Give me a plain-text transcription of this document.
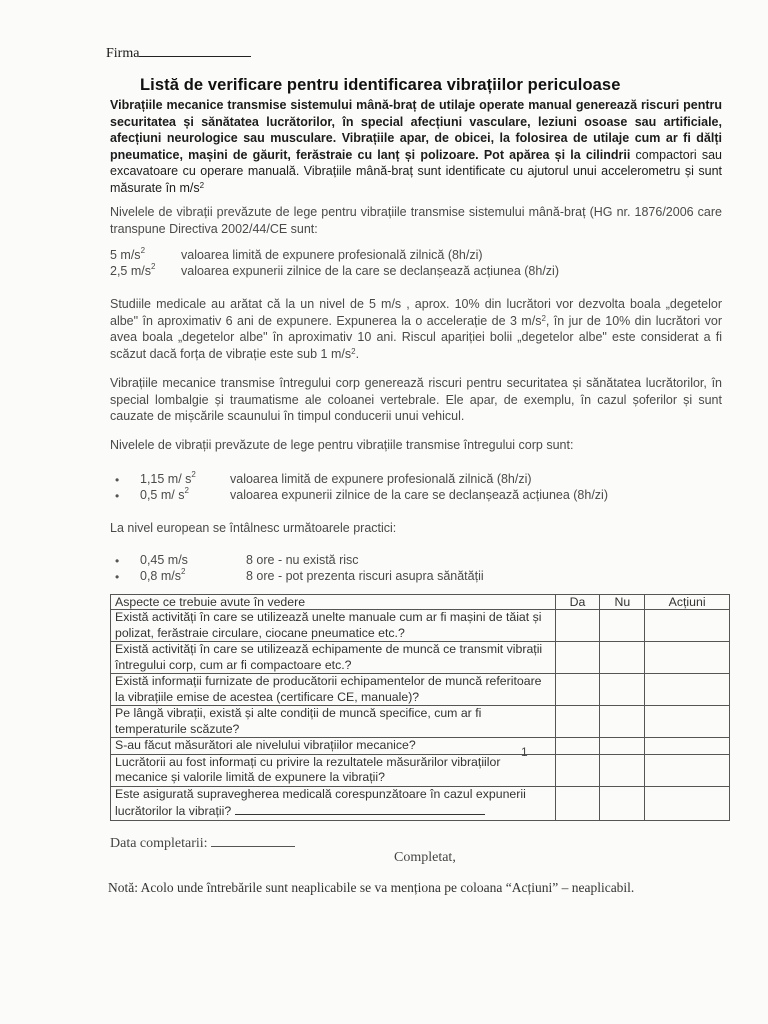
Firma
Listă de verificare pentru identificarea vibrațiilor periculoase
Vibrațiile mecanice transmise sistemului mână-braț de utilaje operate manual generează riscuri pentru securitatea și sănătatea lucrătorilor, în special afecțiuni vasculare, leziuni osoase sau artificiale, afecțiuni neurologice sau musculare. Vibrațiile apar, de obicei, la folosirea de utilaje cum ar fi dălți pneumatice, mașini de găurit, ferăstraie cu lanț și polizoare. Pot apărea și la cilindrii compactori sau excavatoare cu operare manuală. Vibrațiile mână-braț sunt identificate cu ajutorul unui accelerometru și sunt măsurate în $m/s^2$
Nivelele de vibrații prevăzute de lege pentru vibrațiile transmise sistemului mână-braț (HG nr. 1876/2006 care transpune Directiva 2002/44/CE sunt:
5 $m/s^2$	valoarea limită de expunere profesională zilnică (8h/zi)
2,5 $m/s^2$ valoarea expunerii zilnice de la care se declanșează acțiunea (8h/zi)
Studiile medicale au arătat că la un nivel de 5 m/s , aprox. 10% din lucrători vor dezvolta boala „degetelor albe" în aproximativ 6 ani de expunere. Expunerea la o accelerație de 3 $m/s^2$, în jur de 10% din lucrători vor avea boala „degetelor albe" în aproximativ 10 ani. Riscul apariției bolii „degetelor albe" este considerat a fi scăzut dacă forța de vibrație este sub 1 $m/s^2$.
Vibrațiile mecanice transmise întregului corp generează riscuri pentru securitatea și sănătatea lucrătorilor, în special lombalgie și traumatisme ale coloanei vertebrale. Ele apar, de exemplu, în cazul șoferilor și sunt cauzate de mișcările scaunului în timpul conducerii unui vehicul.
Nivelele de vibrații prevăzute de lege pentru vibrațiile transmise întregului corp sunt:
• 1,15 m/ $s^2$	valoarea limită de expunere profesională zilnică (8h/zi)
• 0,5 m/ $s^2$	valoarea expunerii zilnice de la care se declanșează acțiunea (8h/zi)
La nivel european se întâlnesc următoarele practici:
• 0,45 m/s	8 ore - nu există risc
• 0,8 $m/s^2$	8 ore - pot prezenta riscuri asupra sănătății
Aspecte ce trebuie avute în vedere	Da	Nu	Acțiuni
Există activități în care se utilizează unelte manuale cum ar fi mașini de tăiat și polizat, ferăstraie circulare, ciocane pneumatice etc.?			
Există activități în care se utilizează echipamente de muncă ce transmit vibrații întregului corp, cum ar fi compactoare etc.?			
Există informații furnizate de producătorii echipamentelor de muncă referitoare la vibrațiile emise de acestea (certificare CE, manuale)?			
Pe lângă vibrații, există și alte condiții de muncă specifice, cum ar fi temperaturile scăzute?			
S-au făcut măsurători ale nivelului vibrațiilor mecanice?			
Lucrătorii au fost informați cu privire la rezultatele măsurărilor vibrațiilor mecanice și valorile limită de expunere la vibrații?			
Este asigurată supravegherea medicală corespunzătoare în cazul expunerii lucrătorilor la vibrații?			
1
Data completarii:
Completat,
Notă: Acolo unde întrebările sunt neaplicabile se va menționa pe coloana “Acțiuni” – neaplicabil.
